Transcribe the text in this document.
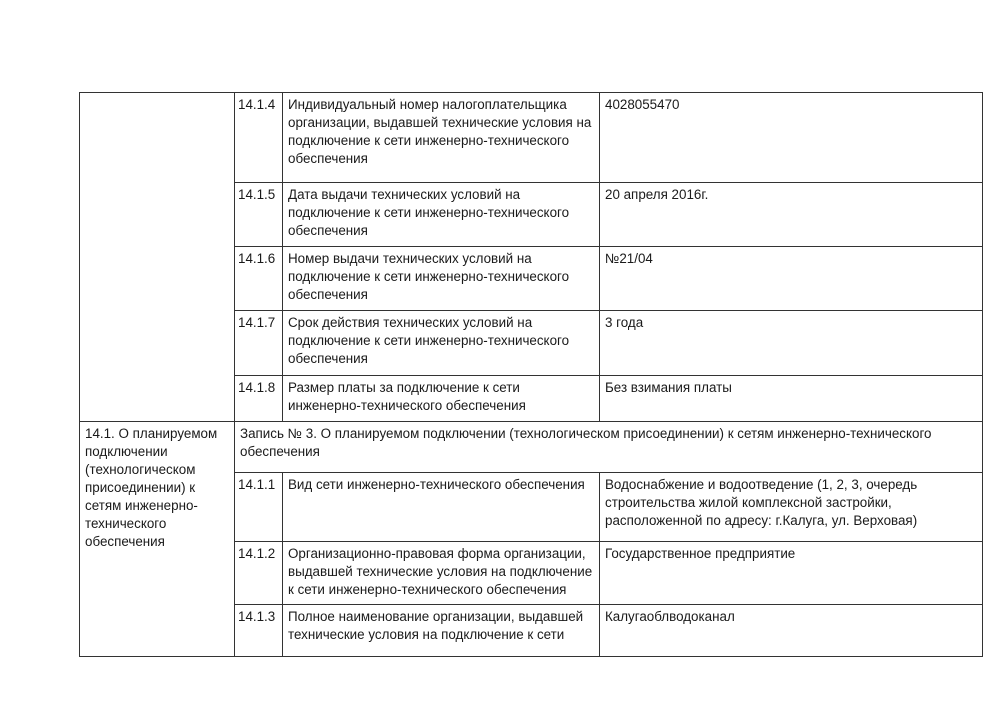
14.1.4 Индивидуальный номер налогоплательщика организации, выдавшей технические условия на подключение к сети инженерно-технического обеспечения
4028055470
14.1.5 Дата выдачи технических условий на подключение к сети инженерно-технического обеспечения
20 апреля 2016г.
14.1.6 Номер выдачи технических условий на подключение к сети инженерно-технического обеспечения
№21/04
14.1.7 Срок действия технических условий на подключение к сети инженерно-технического обеспечения
3 года
14.1.8 Размер платы за подключение к сети инженерно-технического обеспечения
Без взимания платы
14.1. О планируемом подключении (технологическом присоединении) к сетям инженерно-технического обеспечения
Запись № 3. О планируемом подключении (технологическом присоединении) к сетям инженерно-технического обеспечения
14.1.1 Вид сети инженерно-технического обеспечения	Водоснабжение и водоотведение (1, 2, 3, очередь строительства жилой комплексной застройки, расположенной по адресу: г.Калуга, ул. Верховая)
14.1.2 Организационно-правовая форма организации, выдавшей технические условия на подключение к сети инженерно-технического обеспечения
Государственное предприятие
14.1.3 Полное наименование организации, выдавшей технические условия на подключение к сети
Калугаоблводоканал
